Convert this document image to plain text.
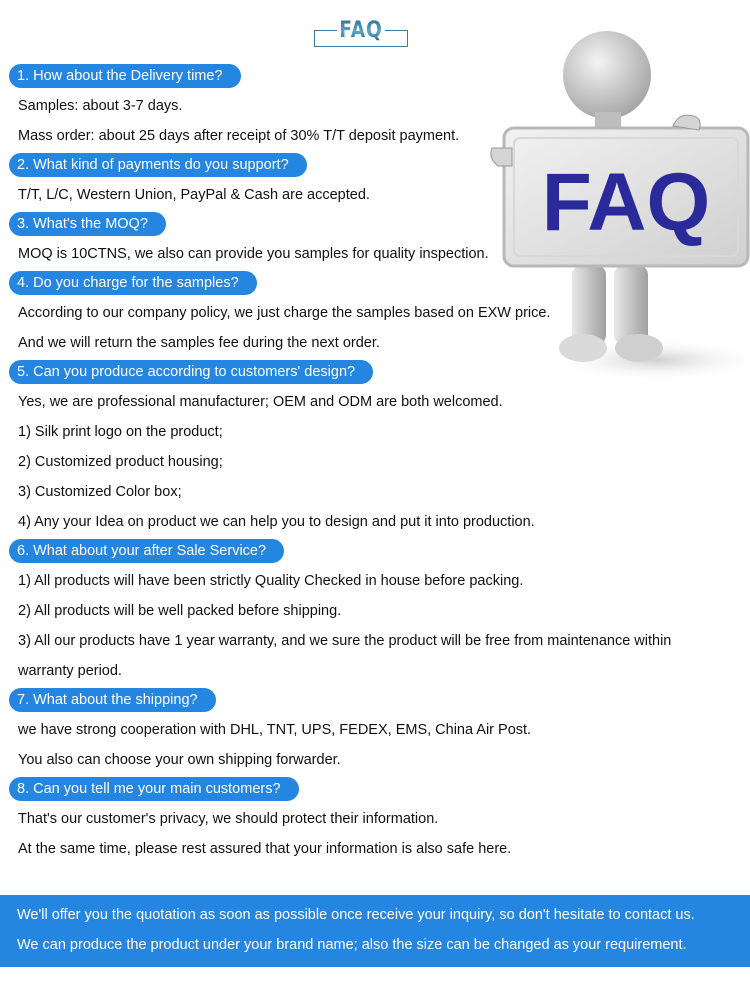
FAQ
FAQ
1. How about the Delivery time?
Samples: about 3-7 days.
Mass order: about 25 days after receipt of 30% T/T deposit payment.
2. What kind of payments do you support?
T/T, L/C, Western Union, PayPal & Cash are accepted.
3. What's the MOQ?
MOQ is 10CTNS, we also can provide you samples for quality inspection.
4. Do you charge for the samples?
According to our company policy, we just charge the samples based on EXW price.
And we will return the samples fee during the next order.
5. Can you produce according to customers' design?
Yes, we are professional manufacturer; OEM and ODM are both welcomed.
1) Silk print logo on the product;
2) Customized product housing;
3) Customized Color box;
4) Any your Idea on product we can help you to design and put it into production.
6. What about your after Sale Service?
1) All products will have been strictly Quality Checked in house before packing.
2) All products will be well packed before shipping.
3) All our products have 1 year warranty, and we sure the product will be free from maintenance within
warranty period.
7. What about the shipping?
we have strong cooperation with DHL, TNT, UPS, FEDEX, EMS, China Air Post.
You also can choose your own shipping forwarder.
8. Can you tell me your main customers?
That's our customer's privacy, we should protect their information.
At the same time, please rest assured that your information is also safe here.
We'll offer you the quotation as soon as possible once receive your inquiry, so don't hesitate to contact us.
We can produce the product under your brand name; also the size can be changed as your requirement.
